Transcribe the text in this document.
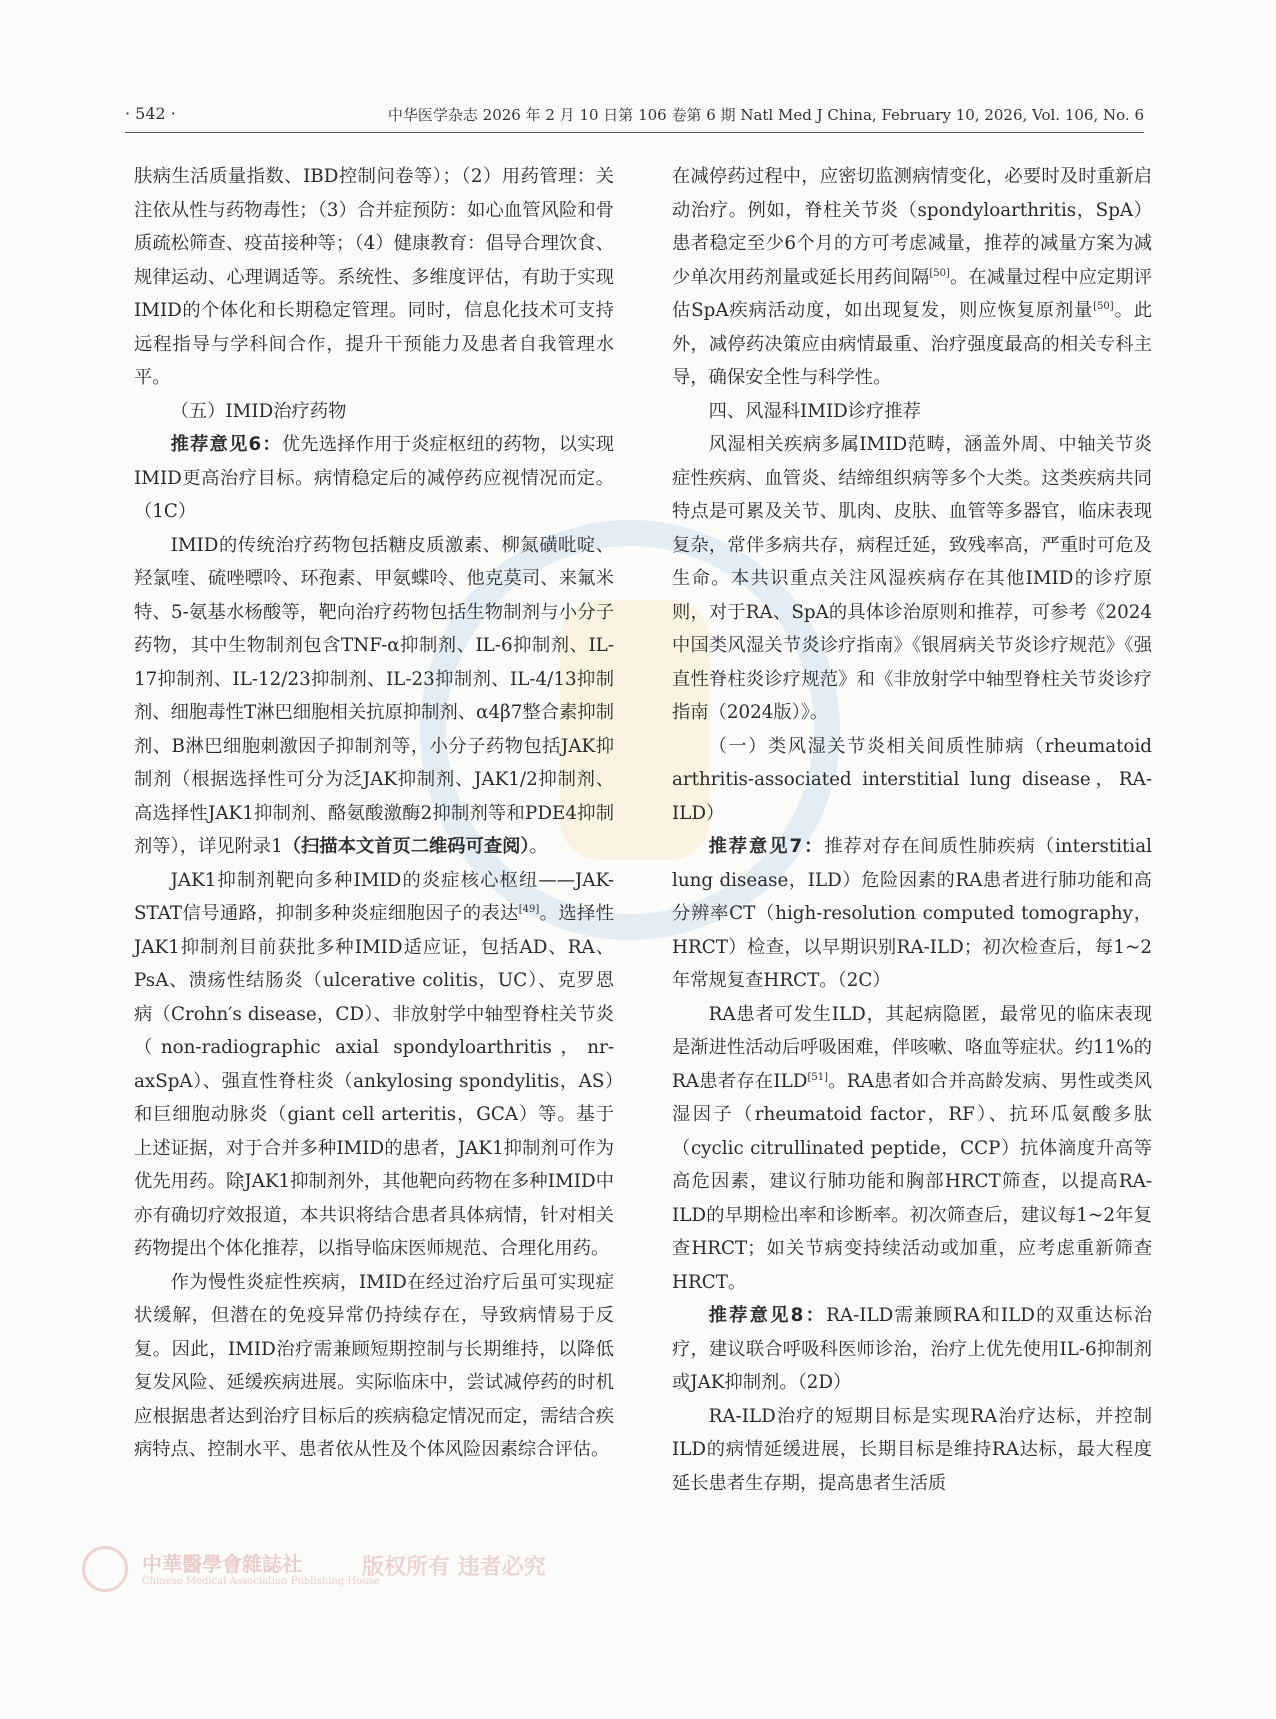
· 542 ·	中华医学杂志 2026 年 2 月 10 日第 106 卷第 6 期 Natl Med J China, February 10, 2026, Vol. 106, No. 6

肤病生活质量指数、IBD控制问卷等）；（2）用药管理：关注依从性与药物毒性；（3）合并症预防：如心血管风险和骨质疏松筛查、疫苗接种等；（4）健康教育：倡导合理饮食、规律运动、心理调适等。系统性、多维度评估，有助于实现IMID的个体化和长期稳定管理。同时，信息化技术可支持远程指导与学科间合作，提升干预能力及患者自我管理水平。

（五）IMID治疗药物

推荐意见6：优先选择作用于炎症枢纽的药物，以实现IMID更高治疗目标。病情稳定后的减停药应视情况而定。（1C）

IMID的传统治疗药物包括糖皮质激素、柳氮磺吡啶、羟氯喹、硫唑嘌呤、环孢素、甲氨蝶呤、他克莫司、来氟米特、5-氨基水杨酸等，靶向治疗药物包括生物制剂与小分子药物，其中生物制剂包含TNF-α抑制剂、IL-6抑制剂、IL-17抑制剂、IL-12/23抑制剂、IL-23抑制剂、IL-4/13抑制剂、细胞毒性T淋巴细胞相关抗原抑制剂、α4β7整合素抑制剂、B淋巴细胞刺激因子抑制剂等，小分子药物包括JAK抑制剂（根据选择性可分为泛JAK抑制剂、JAK1/2抑制剂、高选择性JAK1抑制剂、酪氨酸激酶2抑制剂等和PDE4抑制剂等），详见附录1（扫描本文首页二维码可查阅）。

JAK1抑制剂靶向多种IMID的炎症核心枢纽——JAK-STAT信号通路，抑制多种炎症细胞因子的表达[49]。选择性JAK1抑制剂目前获批多种IMID适应证，包括AD、RA、PsA、溃疡性结肠炎（ulcerative colitis，UC）、克罗恩病（Crohn′s disease，CD）、非放射学中轴型脊柱关节炎（non-radiographic axial spondyloarthritis，nr-axSpA）、强直性脊柱炎（ankylosing spondylitis，AS）和巨细胞动脉炎（giant cell arteritis，GCA）等。基于上述证据，对于合并多种IMID的患者，JAK1抑制剂可作为优先用药。除JAK1抑制剂外，其他靶向药物在多种IMID中亦有确切疗效报道，本共识将结合患者具体病情，针对相关药物提出个体化推荐，以指导临床医师规范、合理化用药。

作为慢性炎症性疾病，IMID在经过治疗后虽可实现症状缓解，但潜在的免疫异常仍持续存在，导致病情易于反复。因此，IMID治疗需兼顾短期控制与长期维持，以降低复发风险、延缓疾病进展。实际临床中，尝试减停药的时机应根据患者达到治疗目标后的疾病稳定情况而定，需结合疾病特点、控制水平、患者依从性及个体风险因素综合评估。

在减停药过程中，应密切监测病情变化，必要时及时重新启动治疗。例如，脊柱关节炎（spondyloarthritis，SpA）患者稳定至少6个月的方可考虑减量，推荐的减量方案为减少单次用药剂量或延长用药间隔[50]。在减量过程中应定期评估SpA疾病活动度，如出现复发，则应恢复原剂量[50]。此外，减停药决策应由病情最重、治疗强度最高的相关专科主导，确保安全性与科学性。

四、风湿科IMID诊疗推荐

风湿相关疾病多属IMID范畴，涵盖外周、中轴关节炎症性疾病、血管炎、结缔组织病等多个大类。这类疾病共同特点是可累及关节、肌肉、皮肤、血管等多器官，临床表现复杂，常伴多病共存，病程迁延，致残率高，严重时可危及生命。本共识重点关注风湿疾病存在其他IMID的诊疗原则，对于RA、SpA的具体诊治原则和推荐，可参考《2024中国类风湿关节炎诊疗指南》《银屑病关节炎诊疗规范》《强直性脊柱炎诊疗规范》和《非放射学中轴型脊柱关节炎诊疗指南（2024版）》。

（一）类风湿关节炎相关间质性肺病（rheumatoid arthritis-associated interstitial lung disease，RA-ILD）

推荐意见7：推荐对存在间质性肺疾病（interstitial lung disease，ILD）危险因素的RA患者进行肺功能和高分辨率CT（high-resolution computed tomography，HRCT）检查，以早期识别RA-ILD；初次检查后，每1~2年常规复查HRCT。（2C）

RA患者可发生ILD，其起病隐匿，最常见的临床表现是渐进性活动后呼吸困难，伴咳嗽、咯血等症状。约11%的RA患者存在ILD[51]。RA患者如合并高龄发病、男性或类风湿因子（rheumatoid factor，RF）、抗环瓜氨酸多肽（cyclic citrullinated peptide，CCP）抗体滴度升高等高危因素，建议行肺功能和胸部HRCT筛查，以提高RA-ILD的早期检出率和诊断率。初次筛查后，建议每1~2年复查HRCT；如关节病变持续活动或加重，应考虑重新筛查HRCT。

推荐意见8：RA-ILD需兼顾RA和ILD的双重达标治疗，建议联合呼吸科医师诊治，治疗上优先使用IL-6抑制剂或JAK抑制剂。（2D）

RA-ILD治疗的短期目标是实现RA治疗达标，并控制ILD的病情延缓进展，长期目标是维持RA达标，最大程度延长患者生存期，提高患者生活质

中華醫學會雜誌社
Chinese Medical Association Publishing House
版权所有 违者必究
